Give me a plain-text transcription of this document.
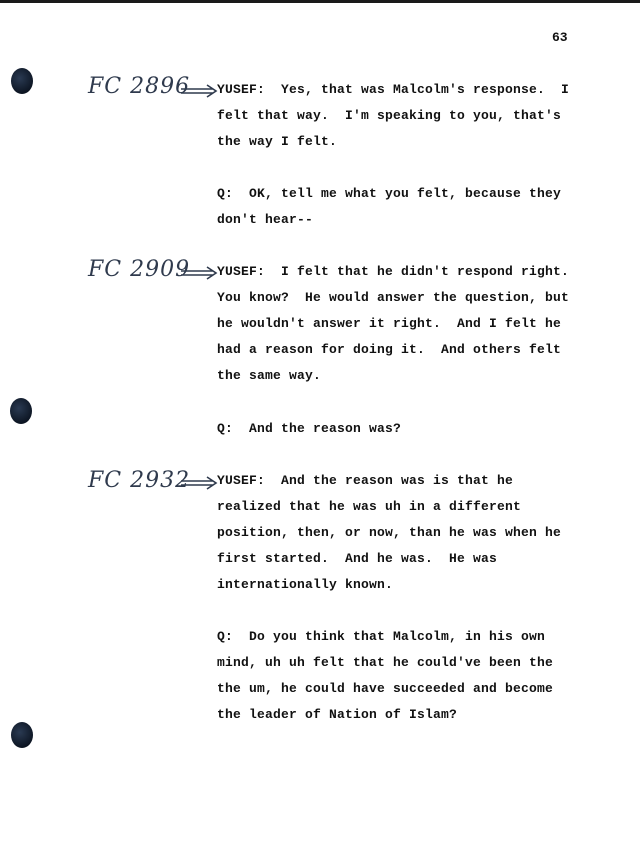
63
FC 2896
FC 2909
FC 2932
YUSEF:  Yes, that was Malcolm's response.  I
felt that way.  I'm speaking to you, that's
the way I felt.
Q:  OK, tell me what you felt, because they
don't hear--
YUSEF:  I felt that he didn't respond right.
You know?  He would answer the question, but
he wouldn't answer it right.  And I felt he
had a reason for doing it.  And others felt
the same way.
Q:  And the reason was?
YUSEF:  And the reason was is that he
realized that he was uh in a different
position, then, or now, than he was when he
first started.  And he was.  He was
internationally known.
Q:  Do you think that Malcolm, in his own
mind, uh uh felt that he could've been the
the um, he could have succeeded and become
the leader of Nation of Islam?
